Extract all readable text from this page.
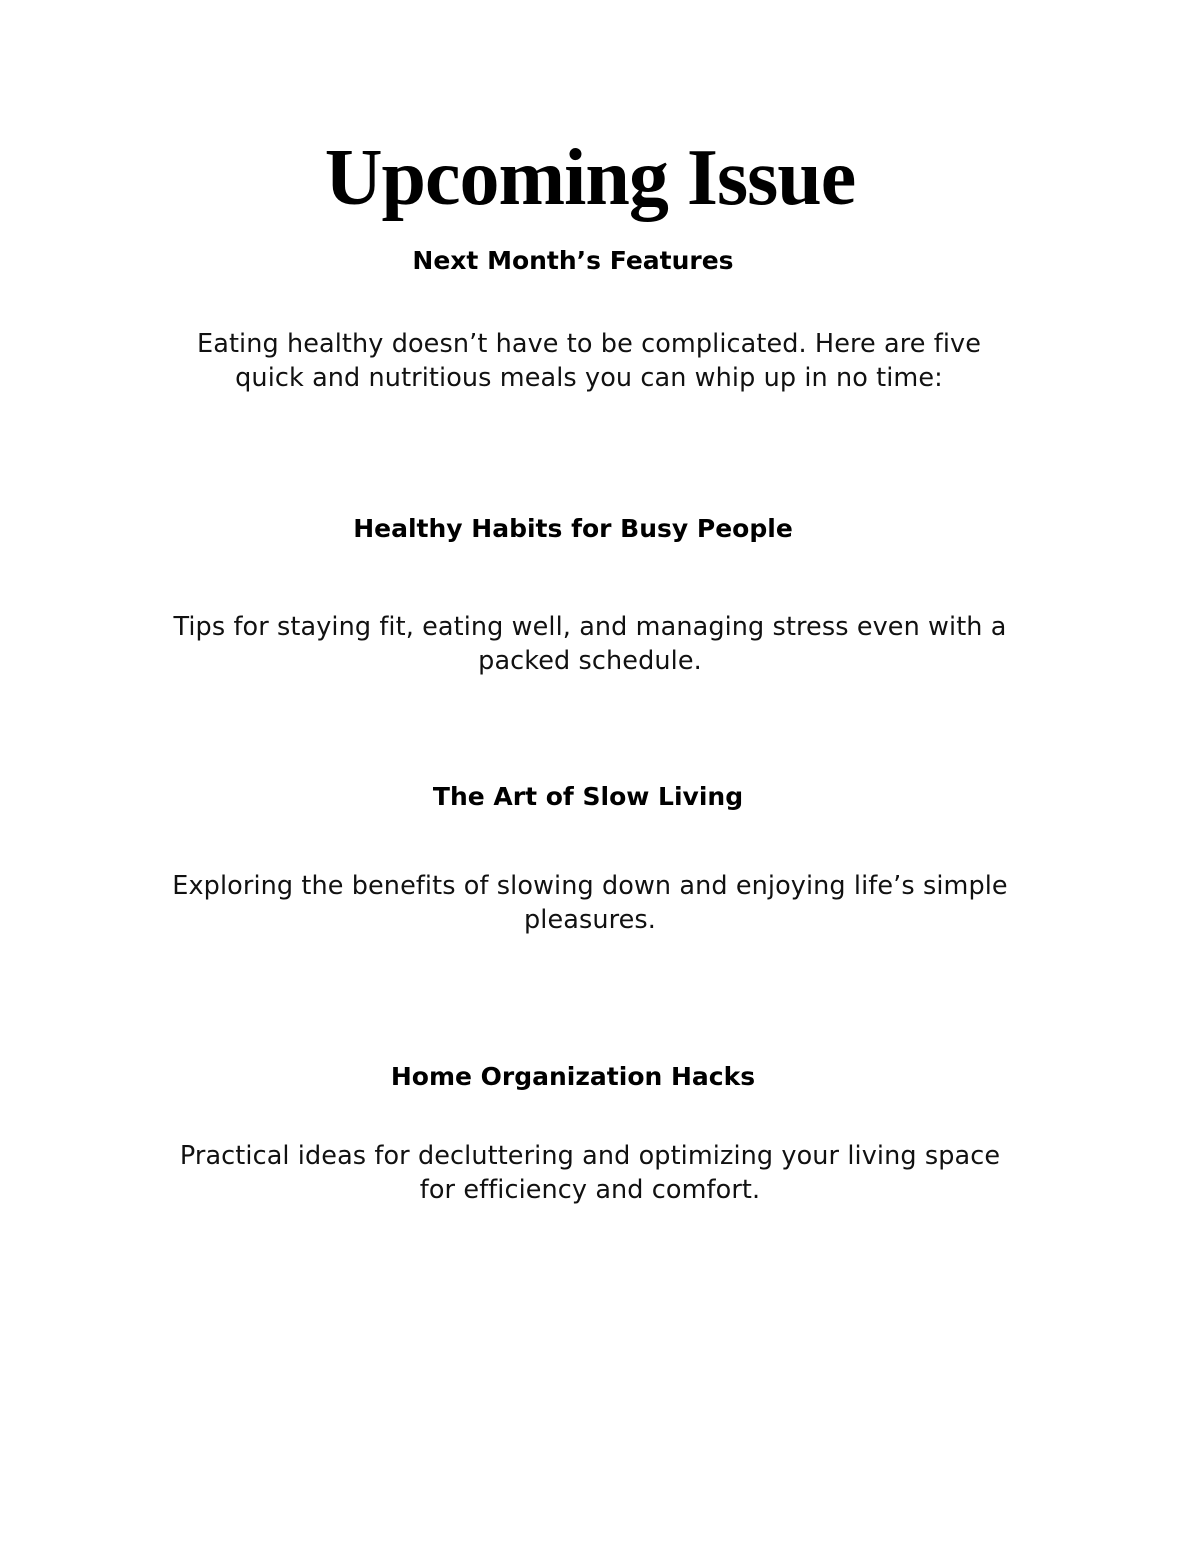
Upcoming Issue
Next Month’s Features

Eating healthy doesn’t have to be complicated. Here are five quick and nutritious meals you can whip up in no time:

Healthy Habits for Busy People

Tips for staying fit, eating well, and managing stress even with a packed schedule.

The Art of Slow Living

Exploring the benefits of slowing down and enjoying life’s simple pleasures.

Home Organization Hacks

Practical ideas for decluttering and optimizing your living space for efficiency and comfort.
